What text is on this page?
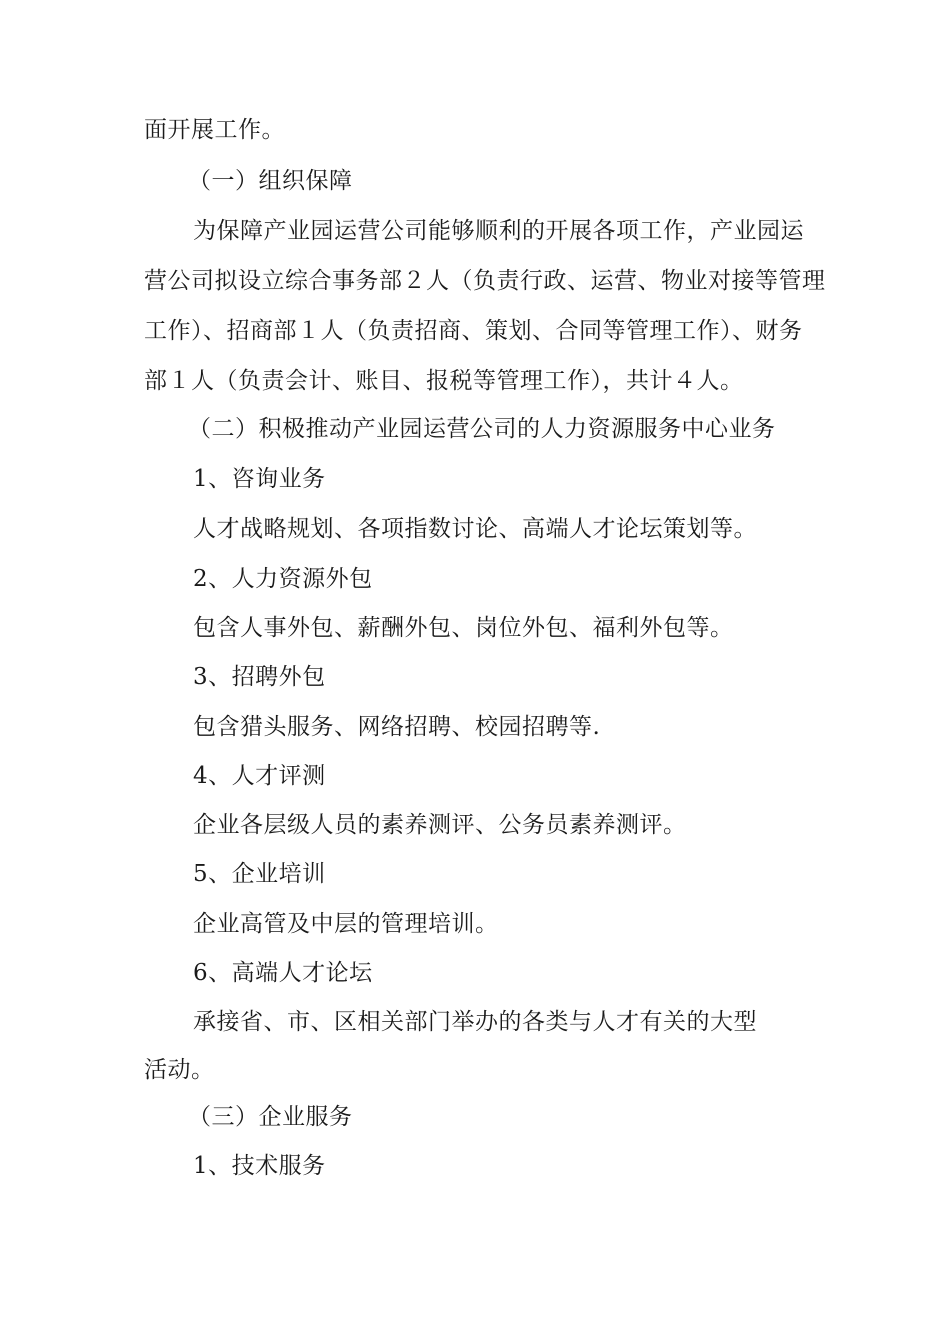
面开展工作。
（一）组织保障
为保障产业园运营公司能够顺利的开展各项工作，产业园运
营公司拟设立综合事务部２人（负责行政、运营、物业对接等管理
工作）、招商部１人（负责招商、策划、合同等管理工作）、财务
部１人（负责会计、账目、报税等管理工作），共计４人。
（二）积极推动产业园运营公司的人力资源服务中心业务
1、咨询业务
人才战略规划、各项指数讨论、高端人才论坛策划等。
2、人力资源外包
包含人事外包、薪酬外包、岗位外包、福利外包等。
3、招聘外包
包含猎头服务、网络招聘、校园招聘等.
4、人才评测
企业各层级人员的素养测评、公务员素养测评。
5、企业培训
企业高管及中层的管理培训。
6、高端人才论坛
承接省、市、区相关部门举办的各类与人才有关的大型
活动。
（三）企业服务
1、技术服务
